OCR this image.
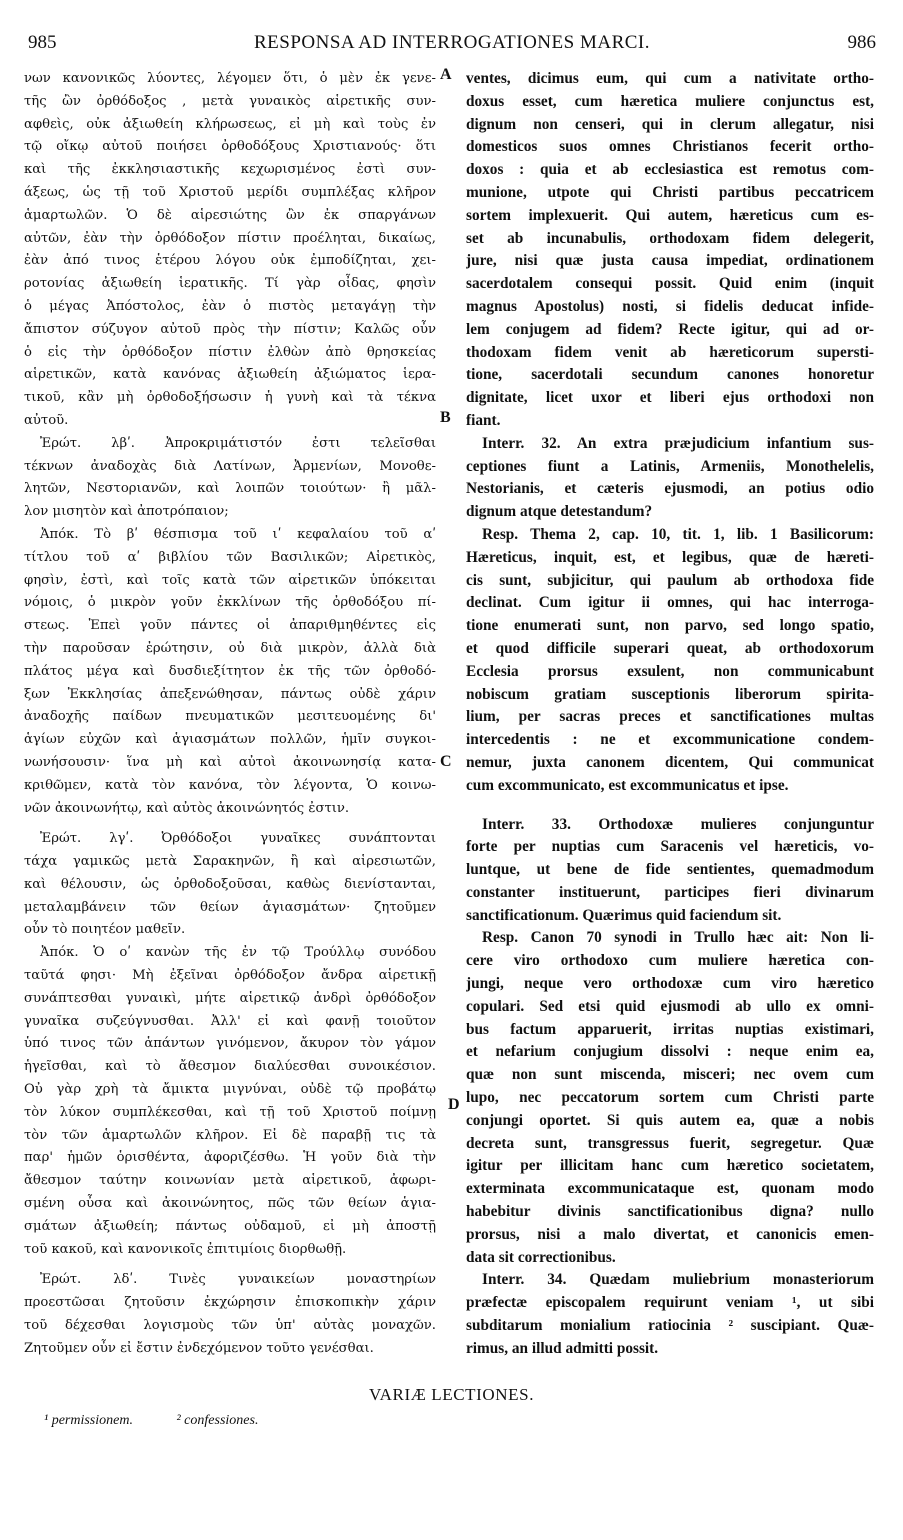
985	RESPONSA AD INTERROGATIONES MARCI.	986
νων κανονικῶς λύοντες, λέγομεν ὅτι, ὁ μὲν ἐκ γενε-
τῆς ὢν ὀρθόδοξος , μετὰ γυναικὸς αἱρετικῆς συν-
αφθεὶς, οὐκ ἀξιωθείη κλήρωσεως, εἰ μὴ καὶ τοὺς ἐν
τῷ οἴκῳ αὐτοῦ ποιήσει ὀρθοδόξους Χριστιανούς· ὅτι
καὶ τῆς ἐκκλησιαστικῆς κεχωρισμένος ἐστὶ συν-
άξεως, ὡς τῇ τοῦ Χριστοῦ μερίδι συμπλέξας κλῆρον
ἁμαρτωλῶν. Ὁ δὲ αἱρεσιώτης ὢν ἐκ σπαργάνων
αὐτῶν, ἐὰν τὴν ὀρθόδοξον πίστιν προέληται, δικαίως,
ἐὰν ἀπό τινος ἑτέρου λόγου οὐκ ἐμποδίζηται, χει-
ροτονίας ἀξιωθείη ἱερατικῆς. Τί γὰρ οἶδας, φησὶν
ὁ μέγας Ἀπόστολος, ἐὰν ὁ πιστὸς μεταγάγῃ τὴν
ἄπιστον σύζυγον αὐτοῦ πρὸς τὴν πίστιν; Καλῶς οὖν
ὁ εἰς τὴν ὀρθόδοξον πίστιν ἐλθὼν ἀπὸ θρησκείας
αἱρετικῶν, κατὰ κανόνας ἀξιωθείη ἀξιώματος ἱερα-
τικοῦ, κἂν μὴ ὀρθοδοξήσωσιν ἡ γυνὴ καὶ τὰ τέκνα
αὐτοῦ.
Ἐρώτ. λβʹ. Ἀπροκριμάτιστόν ἐστι τελεῖσθαι
τέκνων ἀναδοχὰς διὰ Λατίνων, Ἀρμενίων, Μονοθε-
λητῶν, Νεστοριανῶν, καὶ λοιπῶν τοιούτων· ἢ μᾶλ-
λον μισητὸν καὶ ἀποτρόπαιον;
Ἀπόκ. Τὸ βʹ θέσπισμα τοῦ ιʹ κεφαλαίου τοῦ αʹ
τίτλου τοῦ αʹ βιβλίου τῶν Βασιλικῶν; Αἱρετικὸς,
φησὶν, ἐστὶ, καὶ τοῖς κατὰ τῶν αἱρετικῶν ὑπόκειται
νόμοις, ὁ μικρὸν γοῦν ἐκκλίνων τῆς ὀρθοδόξου πί-
στεως. Ἐπεὶ γοῦν πάντες οἱ ἀπαριθμηθέντες εἰς
τὴν παροῦσαν ἐρώτησιν, οὐ διὰ μικρὸν, ἀλλὰ διὰ
πλάτος μέγα καὶ δυσδιεξίτητον ἐκ τῆς τῶν ὀρθοδό-
ξων Ἐκκλησίας ἀπεξενώθησαν, πάντως οὐδὲ χάριν
ἀναδοχῆς παίδων πνευματικῶν μεσιτευομένης δι'
ἁγίων εὐχῶν καὶ ἁγιασμάτων πολλῶν, ἡμῖν συγκοι-
νωνήσουσιν· ἵνα μὴ καὶ αὐτοὶ ἀκοινωνησίᾳ κατα-
κριθῶμεν, κατὰ τὸν κανόνα, τὸν λέγοντα, Ὁ κοινω-
νῶν ἀκοινωνήτῳ, καὶ αὐτὸς ἀκοινώνητός ἐστιν.
Ἐρώτ. λγʹ. Ὀρθόδοξοι γυναῖκες συνάπτονται
τάχα γαμικῶς μετὰ Σαρακηνῶν, ἢ καὶ αἱρεσιωτῶν,
καὶ θέλουσιν, ὡς ὀρθοδοξοῦσαι, καθὼς διενίστανται,
μεταλαμβάνειν τῶν θείων ἁγιασμάτων· ζητοῦμεν
οὖν τὸ ποιητέον μαθεῖν.
Ἀπόκ. Ὁ οʹ κανὼν τῆς ἐν τῷ Τρούλλῳ συνόδου
ταῦτά φησι· Μὴ ἐξεῖναι ὀρθόδοξον ἄνδρα αἱρετικῇ
συνάπτεσθαι γυναικὶ, μήτε αἱρετικῷ ἀνδρὶ ὀρθόδοξον
γυναῖκα συζεύγνυσθαι. Ἀλλ' εἰ καὶ φανῇ τοιοῦτον
ὑπό τινος τῶν ἁπάντων γινόμενον, ἄκυρον τὸν γάμον
ἡγεῖσθαι, καὶ τὸ ἄθεσμον διαλύεσθαι συνοικέσιον.
Οὐ γὰρ χρὴ τὰ ἄμικτα μιγνύναι, οὐδὲ τῷ προβάτῳ
τὸν λύκον συμπλέκεσθαι, καὶ τῇ τοῦ Χριστοῦ ποίμνῃ
τὸν τῶν ἁμαρτωλῶν κλῆρον. Εἰ δὲ παραβῇ τις τὰ
παρ' ἡμῶν ὁρισθέντα, ἀφοριζέσθω. Ἡ γοῦν διὰ τὴν
ἄθεσμον ταύτην κοινωνίαν μετὰ αἱρετικοῦ, ἀφωρι-
σμένη οὖσα καὶ ἀκοινώνητος, πῶς τῶν θείων ἁγια-
σμάτων ἀξιωθείη; πάντως οὐδαμοῦ, εἰ μὴ ἀποστῇ
τοῦ κακοῦ, καὶ κανονικοῖς ἐπιτιμίοις διορθωθῇ.
Ἐρώτ. λδʹ. Τινὲς γυναικείων μοναστηρίων
προεστῶσαι ζητοῦσιν ἐκχώρησιν ἐπισκοπικὴν χάριν
τοῦ δέχεσθαι λογισμοὺς τῶν ὑπ' αὐτὰς μοναχῶν.
Ζητοῦμεν οὖν εἰ ἔστιν ἐνδεχόμενον τοῦτο γενέσθαι.
ventes, dicimus eum, qui cum a nativitate ortho-
doxus esset, cum hæretica muliere conjunctus est,
dignum non censeri, qui in clerum allegatur, nisi
domesticos suos omnes Christianos fecerit ortho-
doxos : quia et ab ecclesiastica est remotus com-
munione, utpote qui Christi partibus peccatricem
sortem implexuerit. Qui autem, hæreticus cum es-
set ab incunabulis, orthodoxam fidem delegerit,
jure, nisi quæ justa causa impediat, ordinationem
sacerdotalem consequi possit. Quid enim (inquit
magnus Apostolus) nosti, si fidelis deducat infide-
lem conjugem ad fidem? Recte igitur, qui ad or-
thodoxam fidem venit ab hæreticorum supersti-
tione, sacerdotali secundum canones honoretur
dignitate, licet uxor et liberi ejus orthodoxi non
fiant.
Interr. 32. An extra præjudicium infantium sus-
ceptiones fiunt a Latinis, Armeniis, Monothelelis,
Nestorianis, et cæteris ejusmodi, an potius odio
dignum atque detestandum?
Resp. Thema 2, cap. 10, tit. 1, lib. 1 Basilicorum:
Hæreticus, inquit, est, et legibus, quæ de hæreti-
cis sunt, subjicitur, qui paulum ab orthodoxa fide
declinat. Cum igitur ii omnes, qui hac interroga-
tione enumerati sunt, non parvo, sed longo spatio,
et quod difficile superari queat, ab orthodoxorum
Ecclesia prorsus exsulent, non communicabunt
nobiscum gratiam susceptionis liberorum spirita-
lium, per sacras preces et sanctificationes multas
intercedentis : ne et excommunicatione condem-
nemur, juxta canonem dicentem, Qui communicat
cum excommunicato, est excommunicatus et ipse.
Interr. 33. Orthodoxæ mulieres conjunguntur
forte per nuptias cum Saracenis vel hæreticis, vo-
luntque, ut bene de fide sentientes, quemadmodum
constanter instituerunt, participes fieri divinarum
sanctificationum. Quærimus quid faciendum sit.
Resp. Canon 70 synodi in Trullo hæc ait: Non li-
cere viro orthodoxo cum muliere hæretica con-
jungi, neque vero orthodoxæ cum viro hæretico
copulari. Sed etsi quid ejusmodi ab ullo ex omni-
bus factum apparuerit, irritas nuptias existimari,
et nefarium conjugium dissolvi : neque enim ea,
quæ non sunt miscenda, misceri; nec ovem cum
lupo, nec peccatorum sortem cum Christi parte
conjungi oportet. Si quis autem ea, quæ a nobis
decreta sunt, transgressus fuerit, segregetur. Quæ
igitur per illicitam hanc cum hæretico societatem,
exterminata excommunicataque est, quonam modo
habebitur divinis sanctificationibus digna? nullo
prorsus, nisi a malo divertat, et canonicis emen-
data sit correctionibus.
Interr. 34. Quædam muliebrium monasteriorum
præfectæ episcopalem requirunt veniam ¹, ut sibi
subditarum monialium ratiocinia ² suscipiant. Quæ-
rimus, an illud admitti possit.
A
B
C
D
VARIÆ LECTIONES.
¹ permissionem.	² confessiones.
